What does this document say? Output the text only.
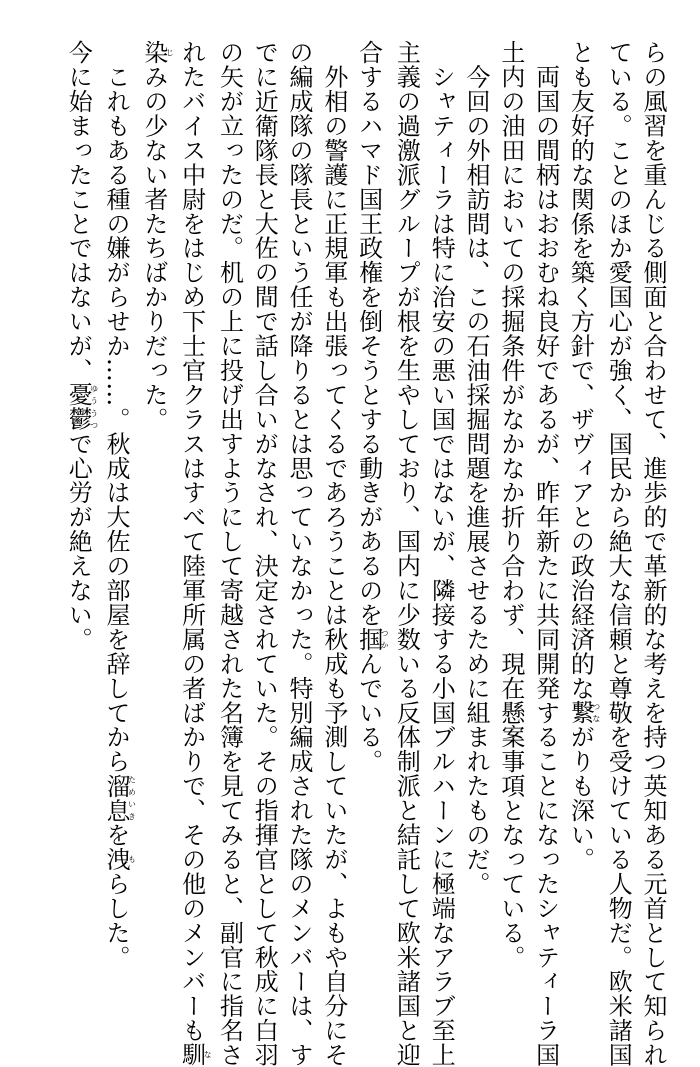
らの風習を重んじる側面と合わせて、進歩的で革新的な考えを持つ英知ある元首として知られ
ている。ことのほか愛国心が強く、国民から絶大な信頼と尊敬を受けている人物だ。欧米諸国
とも友好的な関係を築く方針で、ザヴィアとの政治経済的な繋つながりも深い。
　両国の間柄はおおむね良好であるが、昨年新たに共同開発することになったシャティーラ国
土内の油田においての採掘条件がなかなか折り合わず、現在懸案事項となっている。
　今回の外相訪問は、この石油採掘問題を進展させるために組まれたものだ。
　シャティーラは特に治安の悪い国ではないが、隣接する小国ブルハーンに極端なアラブ至上
主義の過激派グループが根を生やしており、国内に少数いる反体制派と結託して欧米諸国と迎
合するハマド国王政権を倒そうとする動きがあるのを掴つかんでいる。
　外相の警護に正規軍も出張ってくるであろうことは秋成も予測していたが、よもや自分にそ
の編成隊の隊長という任が降りるとは思っていなかった。特別編成された隊のメンバーは、す
でに近衛隊長と大佐の間で話し合いがなされ、決定されていた。その指揮官として秋成に白羽
の矢が立ったのだ。机の上に投げ出すようにして寄越された名簿を見てみると、副官に指名さ
れたバイス中尉をはじめ下士官クラスはすべて陸軍所属の者ばかりで、その他のメンバーも馴な
染じみの少ない者たちばかりだった。
　これもある種の嫌がらせか……。秋成は大佐の部屋を辞してから溜息ためいきを洩もらした。
今に始まったことではないが、憂鬱ゆううつで心労が絶えない。
